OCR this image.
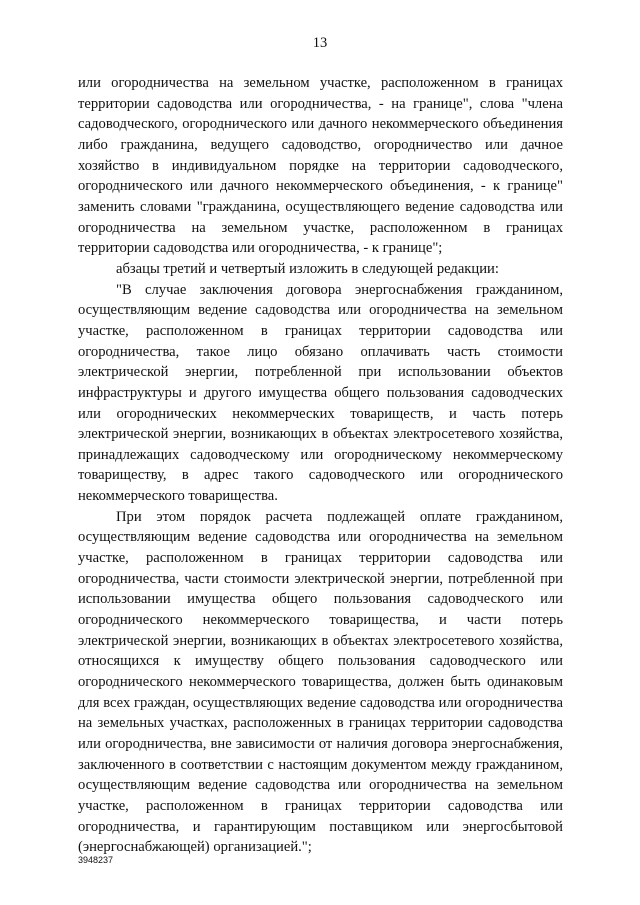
13

или огородничества на земельном участке, расположенном в границах территории садоводства или огородничества, - на границе", слова "члена садоводческого, огороднического или дачного некоммерческого объединения либо гражданина, ведущего садоводство, огородничество или дачное хозяйство в индивидуальном порядке на территории садоводческого, огороднического или дачного некоммерческого объединения, - к границе" заменить словами "гражданина, осуществляющего ведение садоводства или огородничества на земельном участке, расположенном в границах территории садоводства или огородничества, - к границе";

абзацы третий и четвертый изложить в следующей редакции:

"В случае заключения договора энергоснабжения гражданином, осуществляющим ведение садоводства или огородничества на земельном участке, расположенном в границах территории садоводства или огородничества, такое лицо обязано оплачивать часть стоимости электрической энергии, потребленной при использовании объектов инфраструктуры и другого имущества общего пользования садоводческих или огороднических некоммерческих товариществ, и часть потерь электрической энергии, возникающих в объектах электросетевого хозяйства, принадлежащих садоводческому или огородническому некоммерческому товариществу, в адрес такого садоводческого или огороднического некоммерческого товарищества.

При этом порядок расчета подлежащей оплате гражданином, осуществляющим ведение садоводства или огородничества на земельном участке, расположенном в границах территории садоводства или огородничества, части стоимости электрической энергии, потребленной при использовании имущества общего пользования садоводческого или огороднического некоммерческого товарищества, и части потерь электрической энергии, возникающих в объектах электросетевого хозяйства, относящихся к имуществу общего пользования садоводческого или огороднического некоммерческого товарищества, должен быть одинаковым для всех граждан, осуществляющих ведение садоводства или огородничества на земельных участках, расположенных в границах территории садоводства или огородничества, вне зависимости от наличия договора энергоснабжения, заключенного в соответствии с настоящим документом между гражданином, осуществляющим ведение садоводства или огородничества на земельном участке, расположенном в границах территории садоводства или огородничества, и гарантирующим поставщиком или энергосбытовой (энергоснабжающей) организацией.";

3948237
